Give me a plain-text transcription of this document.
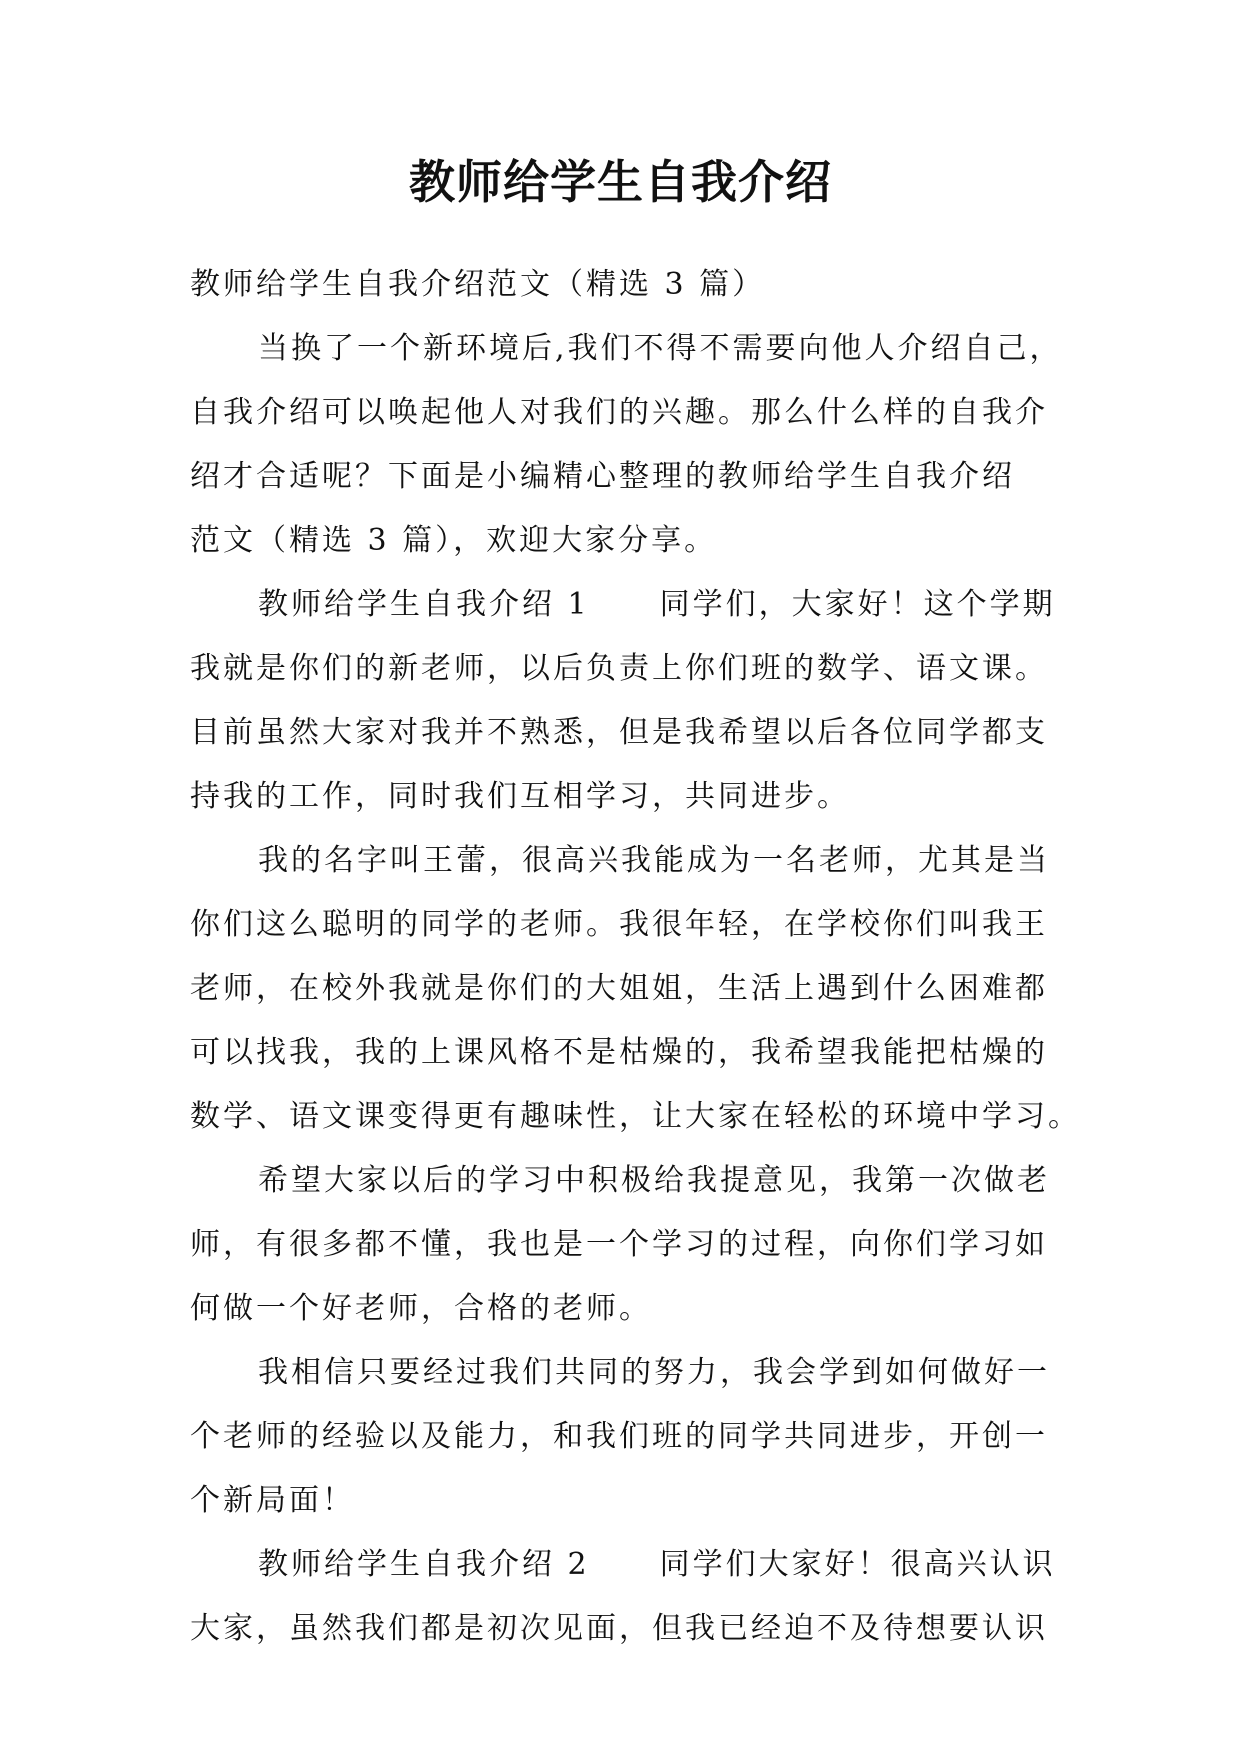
教师给学生自我介绍

教师给学生自我介绍范文（精选 3 篇）

当换了一个新环境后,我们不得不需要向他人介绍自己，

自我介绍可以唤起他人对我们的兴趣。那么什么样的自我介

绍才合适呢？下面是小编精心整理的教师给学生自我介绍

范文（精选 3 篇），欢迎大家分享。

教师给学生自我介绍 1 同学们，大家好！这个学期

我就是你们的新老师，以后负责上你们班的数学、语文课。

目前虽然大家对我并不熟悉，但是我希望以后各位同学都支

持我的工作，同时我们互相学习，共同进步。

我的名字叫王蕾，很高兴我能成为一名老师，尤其是当

你们这么聪明的同学的老师。我很年轻，在学校你们叫我王

老师，在校外我就是你们的大姐姐，生活上遇到什么困难都

可以找我，我的上课风格不是枯燥的，我希望我能把枯燥的

数学、语文课变得更有趣味性，让大家在轻松的环境中学习。

希望大家以后的学习中积极给我提意见，我第一次做老

师，有很多都不懂，我也是一个学习的过程，向你们学习如

何做一个好老师，合格的老师。

我相信只要经过我们共同的努力，我会学到如何做好一

个老师的经验以及能力，和我们班的同学共同进步，开创一

个新局面！

教师给学生自我介绍 2 同学们大家好！很高兴认识

大家，虽然我们都是初次见面，但我已经迫不及待想要认识
